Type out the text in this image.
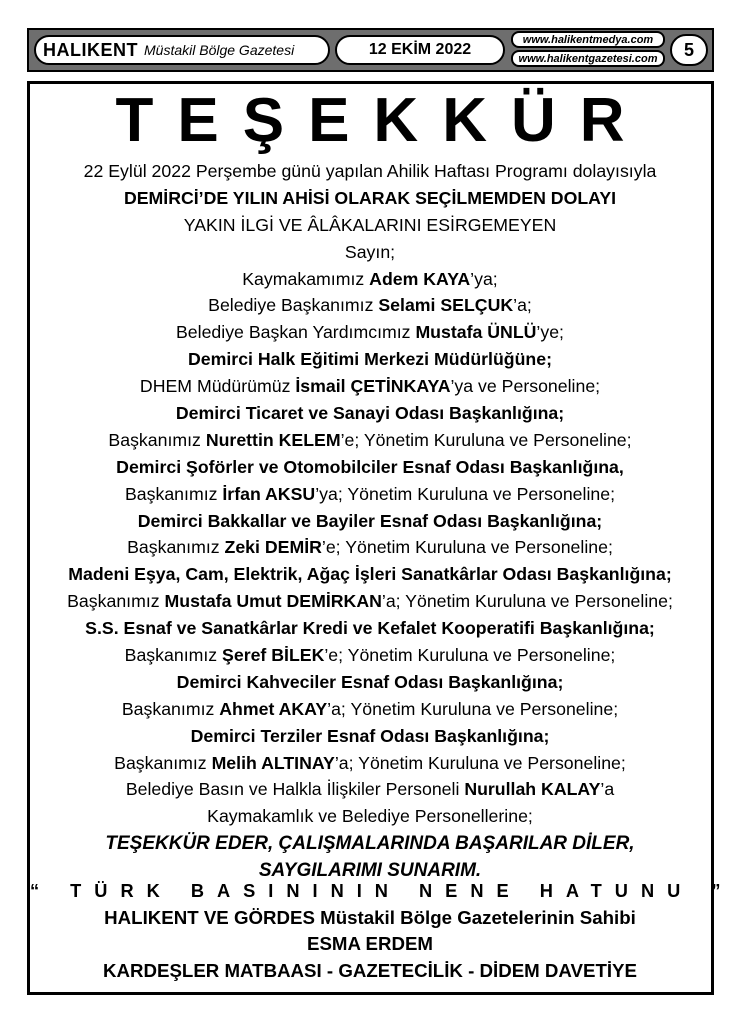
HALIKENT Müstakil Bölge Gazetesi	12 EKİM 2022
www.halikentmedya.com
www.halikentgazetesi.com	5
TEŞEKKÜR
22 Eylül 2022 Perşembe günü yapılan Ahilik Haftası Programı dolayısıyla
DEMİRCİ’DE YILIN AHİSİ OLARAK SEÇİLMEMDEN DOLAYI
YAKIN İLGİ VE ÂLÂKALARINI ESİRGEMEYEN
Sayın;
Kaymakamımız Adem KAYA’ya;
Belediye Başkanımız Selami SELÇUK’a;
Belediye Başkan Yardımcımız Mustafa ÜNLÜ’ye;
Demirci Halk Eğitimi Merkezi Müdürlüğüne;
DHEM Müdürümüz İsmail ÇETİNKAYA’ya ve Personeline;
Demirci Ticaret ve Sanayi Odası Başkanlığına;
Başkanımız Nurettin KELEM’e; Yönetim Kuruluna ve Personeline;
Demirci Şoförler ve Otomobilciler Esnaf Odası Başkanlığına,
Başkanımız İrfan AKSU’ya; Yönetim Kuruluna ve Personeline;
Demirci Bakkallar ve Bayiler Esnaf Odası Başkanlığına;
Başkanımız Zeki DEMİR’e; Yönetim Kuruluna ve Personeline;
Madeni Eşya, Cam, Elektrik, Ağaç İşleri Sanatkârlar Odası Başkanlığına;
Başkanımız Mustafa Umut DEMİRKAN’a; Yönetim Kuruluna ve Personeline;
S.S. Esnaf ve Sanatkârlar Kredi ve Kefalet Kooperatifi Başkanlığına;
Başkanımız Şeref BİLEK’e; Yönetim Kuruluna ve Personeline;
Demirci Kahveciler Esnaf Odası Başkanlığına;
Başkanımız Ahmet AKAY’a; Yönetim Kuruluna ve Personeline;
Demirci Terziler Esnaf Odası Başkanlığına;
Başkanımız Melih ALTINAY’a; Yönetim Kuruluna ve Personeline;
Belediye Basın ve Halkla İlişkiler Personeli Nurullah KALAY’a
Kaymakamlık ve Belediye Personellerine;
TEŞEKKÜR EDER, ÇALIŞMALARINDA BAŞARILAR DİLER,
SAYGILARIMI SUNARIM.
“ TÜRK BASINININ NENE HATUNU ”
HALIKENT VE GÖRDES Müstakil Bölge Gazetelerinin Sahibi
ESMA ERDEM
KARDEŞLER MATBAASI - GAZETECİLİK - DİDEM DAVETİYE
